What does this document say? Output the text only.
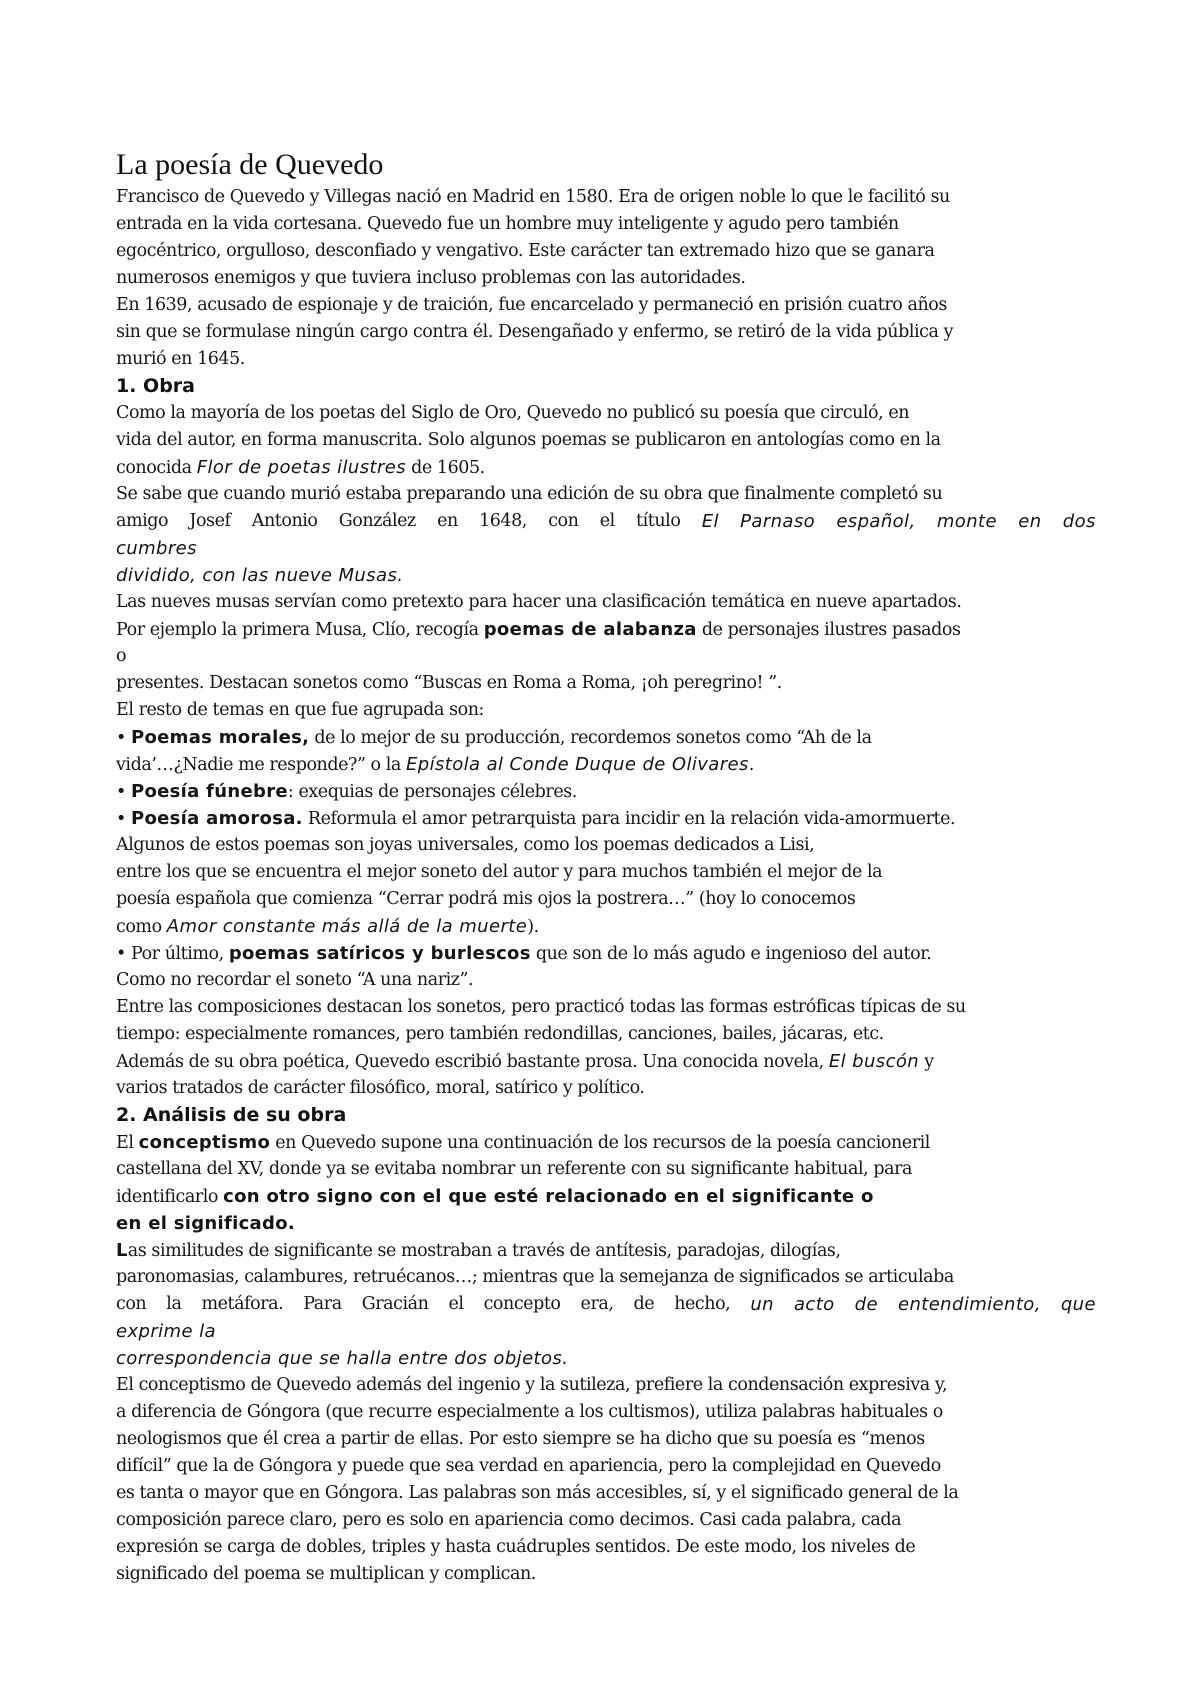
La poesía de Quevedo
Francisco de Quevedo y Villegas nació en Madrid en 1580. Era de origen noble lo que le facilitó su
entrada en la vida cortesana. Quevedo fue un hombre muy inteligente y agudo pero también
egocéntrico, orgulloso, desconfiado y vengativo. Este carácter tan extremado hizo que se ganara
numerosos enemigos y que tuviera incluso problemas con las autoridades.
En 1639, acusado de espionaje y de traición, fue encarcelado y permaneció en prisión cuatro años
sin que se formulase ningún cargo contra él. Desengañado y enfermo, se retiró de la vida pública y
murió en 1645.
1. Obra
Como la mayoría de los poetas del Siglo de Oro, Quevedo no publicó su poesía que circuló, en
vida del autor, en forma manuscrita. Solo algunos poemas se publicaron en antologías como en la
conocida Flor de poetas ilustres de 1605.
Se sabe que cuando murió estaba preparando una edición de su obra que finalmente completó su
amigo Josef Antonio González en 1648, con el título El Parnaso español, monte en dos
cumbres
dividido, con las nueve Musas.
Las nueves musas servían como pretexto para hacer una clasificación temática en nueve apartados.
Por ejemplo la primera Musa, Clío, recogía poemas de alabanza de personajes ilustres pasados
o
presentes. Destacan sonetos como “Buscas en Roma a Roma, ¡oh peregrino! ”.
El resto de temas en que fue agrupada son:
• Poemas morales, de lo mejor de su producción, recordemos sonetos como “Ah de la
vida’…¿Nadie me responde?” o la Epístola al Conde Duque de Olivares.
• Poesía fúnebre: exequias de personajes célebres.
• Poesía amorosa. Reformula el amor petrarquista para incidir en la relación vida-amormuerte.
Algunos de estos poemas son joyas universales, como los poemas dedicados a Lisi,
entre los que se encuentra el mejor soneto del autor y para muchos también el mejor de la
poesía española que comienza “Cerrar podrá mis ojos la postrera…” (hoy lo conocemos
como Amor constante más allá de la muerte).
• Por último, poemas satíricos y burlescos que son de lo más agudo e ingenioso del autor.
Como no recordar el soneto “A una nariz”.
Entre las composiciones destacan los sonetos, pero practicó todas las formas estróficas típicas de su
tiempo: especialmente romances, pero también redondillas, canciones, bailes, jácaras, etc.
Además de su obra poética, Quevedo escribió bastante prosa. Una conocida novela, El buscón y
varios tratados de carácter filosófico, moral, satírico y político.
2. Análisis de su obra
El conceptismo en Quevedo supone una continuación de los recursos de la poesía cancioneril
castellana del XV, donde ya se evitaba nombrar un referente con su significante habitual, para
identificarlo con otro signo con el que esté relacionado en el significante o
en el significado.
Las similitudes de significante se mostraban a través de antítesis, paradojas, dilogías,
paronomasias, calambures, retruécanos…; mientras que la semejanza de significados se articulaba
con la metáfora. Para Gracián el concepto era, de hecho, un acto de entendimiento, que
exprime la
correspondencia que se halla entre dos objetos.
El conceptismo de Quevedo además del ingenio y la sutileza, prefiere la condensación expresiva y,
a diferencia de Góngora (que recurre especialmente a los cultismos), utiliza palabras habituales o
neologismos que él crea a partir de ellas. Por esto siempre se ha dicho que su poesía es “menos
difícil” que la de Góngora y puede que sea verdad en apariencia, pero la complejidad en Quevedo
es tanta o mayor que en Góngora. Las palabras son más accesibles, sí, y el significado general de la
composición parece claro, pero es solo en apariencia como decimos. Casi cada palabra, cada
expresión se carga de dobles, triples y hasta cuádruples sentidos. De este modo, los niveles de
significado del poema se multiplican y complican.
